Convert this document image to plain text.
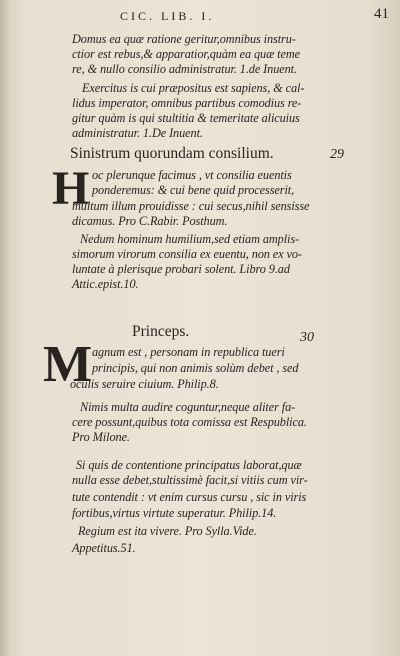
CIC. LIB. I.	41
Domus ea quæ ratione geritur,omnibus instru-
ctior est rebus,& apparatior,quàm ea quæ teme
re, & nullo consilio administratur. 1.de Inuent.
Exercitus is cui præpositus est sapiens, & cal-
lidus imperator, omnibus partibus comodius re-
gitur quàm is qui stultitia & temeritate alicuius
administratur. 1.De Inuent.
Sinistrum quorundam consilium.	29
H oc plerunque facimus , vt consilia euentis
ponderemus: & cui bene quid processerit,
multum illum prouidisse : cui secus,nihil sensisse
dicamus. Pro C.Rabir. Posthum.
Nedum hominum humilium,sed etiam amplis-
simorum virorum consilia ex euentu, non ex vo-
luntate à plerisque probari solent. Libro 9.ad
Attic.epist.10.
Princeps.	30
M agnum est , personam in republica tueri
principis, qui non animis solùm debet , sed
oculis seruire ciuium. Philip.8.
Nimis multa audire coguntur,neque aliter fa-
cere possunt,quibus tota comissa est Respublica.
Pro Milone.
Si quis de contentione principatus laborat,quæ
nulla esse debet,stultissimè facit,si vitiis cum vir-
tute contendit : vt enim cursus cursu , sic in viris
fortibus,virtus virtute superatur. Philip.14.
Regium est ita vivere. Pro Sylla.Vide.
Appetitus.51.
